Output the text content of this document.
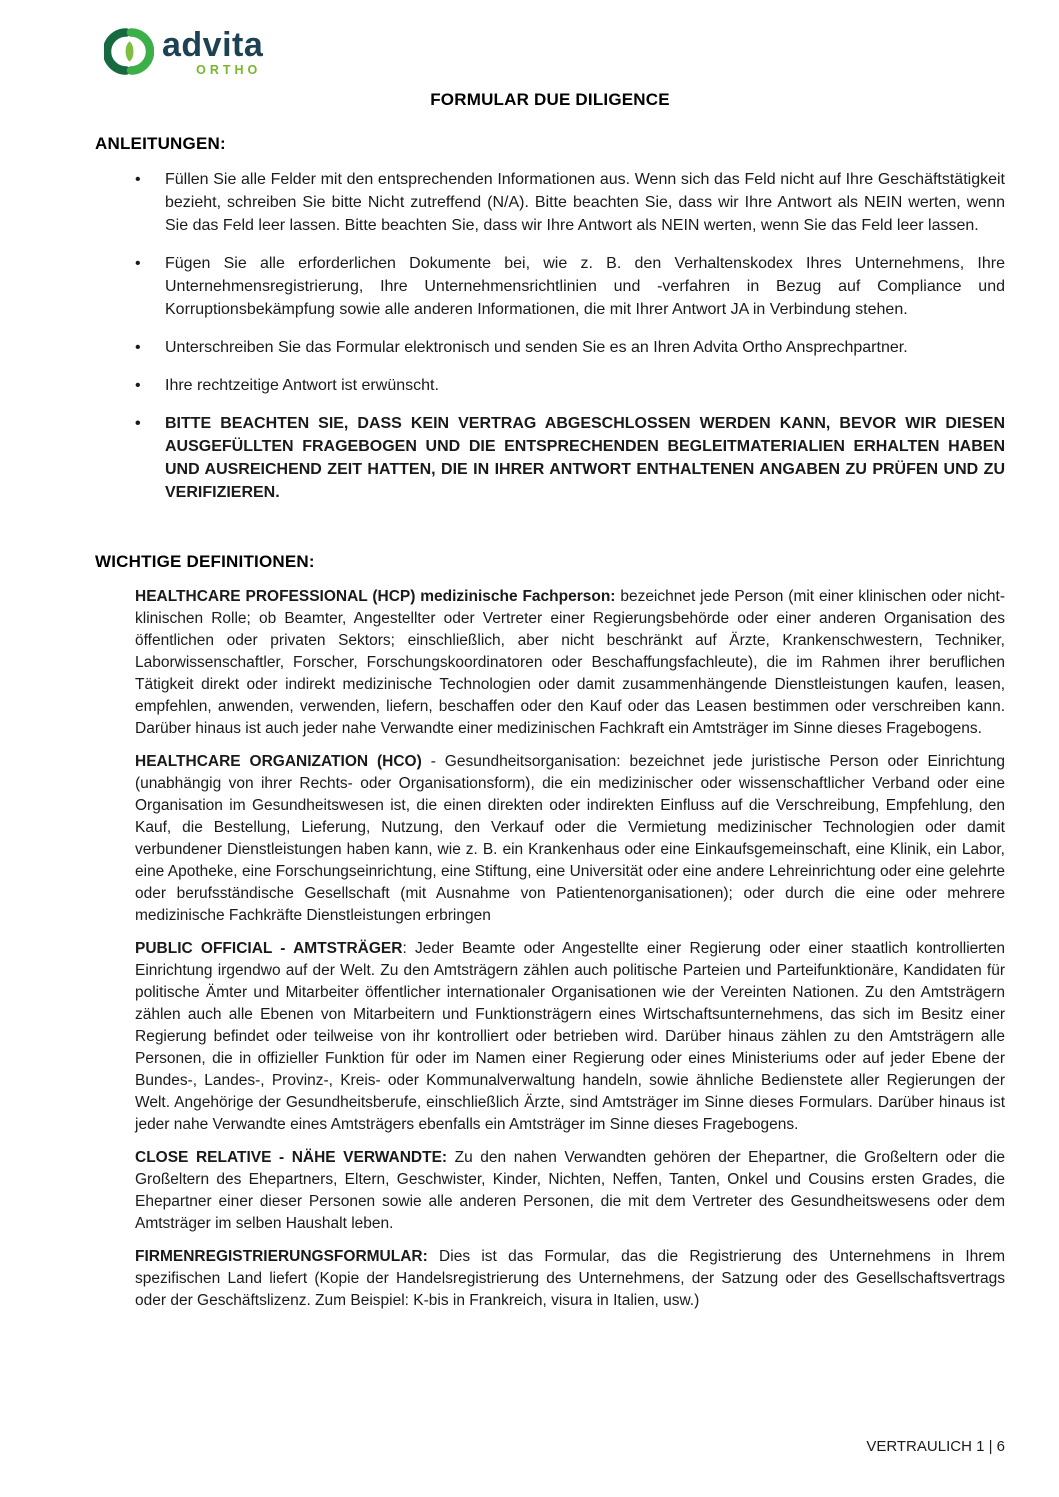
advita
ORTHO
FORMULAR DUE DILIGENCE
ANLEITUNGEN:
• Füllen Sie alle Felder mit den entsprechenden Informationen aus. Wenn sich das Feld nicht auf Ihre Geschäftstätigkeit bezieht, schreiben Sie bitte Nicht zutreffend (N/A). Bitte beachten Sie, dass wir Ihre Antwort als NEIN werten, wenn Sie das Feld leer lassen. Bitte beachten Sie, dass wir Ihre Antwort als NEIN werten, wenn Sie das Feld leer lassen.
• Fügen Sie alle erforderlichen Dokumente bei, wie z. B. den Verhaltenskodex Ihres Unternehmens, Ihre Unternehmensregistrierung, Ihre Unternehmensrichtlinien und -verfahren in Bezug auf Compliance und Korruptionsbekämpfung sowie alle anderen Informationen, die mit Ihrer Antwort JA in Verbindung stehen.
• Unterschreiben Sie das Formular elektronisch und senden Sie es an Ihren Advita Ortho Ansprechpartner.
• Ihre rechtzeitige Antwort ist erwünscht.
• BITTE BEACHTEN SIE, DASS KEIN VERTRAG ABGESCHLOSSEN WERDEN KANN, BEVOR WIR DIESEN AUSGEFÜLLTEN FRAGEBOGEN UND DIE ENTSPRECHENDEN BEGLEITMATERIALIEN ERHALTEN HABEN UND AUSREICHEND ZEIT HATTEN, DIE IN IHRER ANTWORT ENTHALTENEN ANGABEN ZU PRÜFEN UND ZU VERIFIZIEREN.
WICHTIGE DEFINITIONEN:

HEALTHCARE PROFESSIONAL (HCP) medizinische Fachperson: bezeichnet jede Person (mit einer klinischen oder nicht-klinischen Rolle; ob Beamter, Angestellter oder Vertreter einer Regierungsbehörde oder einer anderen Organisation des öffentlichen oder privaten Sektors; einschließlich, aber nicht beschränkt auf Ärzte, Krankenschwestern, Techniker, Laborwissenschaftler, Forscher, Forschungskoordinatoren oder Beschaffungsfachleute), die im Rahmen ihrer beruflichen Tätigkeit direkt oder indirekt medizinische Technologien oder damit zusammenhängende Dienstleistungen kaufen, leasen, empfehlen, anwenden, verwenden, liefern, beschaffen oder den Kauf oder das Leasen bestimmen oder verschreiben kann. Darüber hinaus ist auch jeder nahe Verwandte einer medizinischen Fachkraft ein Amtsträger im Sinne dieses Fragebogens.

HEALTHCARE ORGANIZATION (HCO) - Gesundheitsorganisation: bezeichnet jede juristische Person oder Einrichtung (unabhängig von ihrer Rechts- oder Organisationsform), die ein medizinischer oder wissenschaftlicher Verband oder eine Organisation im Gesundheitswesen ist, die einen direkten oder indirekten Einfluss auf die Verschreibung, Empfehlung, den Kauf, die Bestellung, Lieferung, Nutzung, den Verkauf oder die Vermietung medizinischer Technologien oder damit verbundener Dienstleistungen haben kann, wie z. B. ein Krankenhaus oder eine Einkaufsgemeinschaft, eine Klinik, ein Labor, eine Apotheke, eine Forschungseinrichtung, eine Stiftung, eine Universität oder eine andere Lehreinrichtung oder eine gelehrte oder berufsständische Gesellschaft (mit Ausnahme von Patientenorganisationen); oder durch die eine oder mehrere medizinische Fachkräfte Dienstleistungen erbringen

PUBLIC OFFICIAL - AMTSTRÄGER: Jeder Beamte oder Angestellte einer Regierung oder einer staatlich kontrollierten Einrichtung irgendwo auf der Welt. Zu den Amtsträgern zählen auch politische Parteien und Parteifunktionäre, Kandidaten für politische Ämter und Mitarbeiter öffentlicher internationaler Organisationen wie der Vereinten Nationen. Zu den Amtsträgern zählen auch alle Ebenen von Mitarbeitern und Funktionsträgern eines Wirtschaftsunternehmens, das sich im Besitz einer Regierung befindet oder teilweise von ihr kontrolliert oder betrieben wird. Darüber hinaus zählen zu den Amtsträgern alle Personen, die in offizieller Funktion für oder im Namen einer Regierung oder eines Ministeriums oder auf jeder Ebene der Bundes-, Landes-, Provinz-, Kreis- oder Kommunalverwaltung handeln, sowie ähnliche Bedienstete aller Regierungen der Welt. Angehörige der Gesundheitsberufe, einschließlich Ärzte, sind Amtsträger im Sinne dieses Formulars. Darüber hinaus ist jeder nahe Verwandte eines Amtsträgers ebenfalls ein Amtsträger im Sinne dieses Fragebogens.

CLOSE RELATIVE - NÄHE VERWANDTE: Zu den nahen Verwandten gehören der Ehepartner, die Großeltern oder die Großeltern des Ehepartners, Eltern, Geschwister, Kinder, Nichten, Neffen, Tanten, Onkel und Cousins ersten Grades, die Ehepartner einer dieser Personen sowie alle anderen Personen, die mit dem Vertreter des Gesundheitswesens oder dem Amtsträger im selben Haushalt leben.

FIRMENREGISTRIERUNGSFORMULAR: Dies ist das Formular, das die Registrierung des Unternehmens in Ihrem spezifischen Land liefert (Kopie der Handelsregistrierung des Unternehmens, der Satzung oder des Gesellschaftsvertrags oder der Geschäftslizenz. Zum Beispiel: K-bis in Frankreich, visura in Italien, usw.)

VERTRAULICH 1 | 6
